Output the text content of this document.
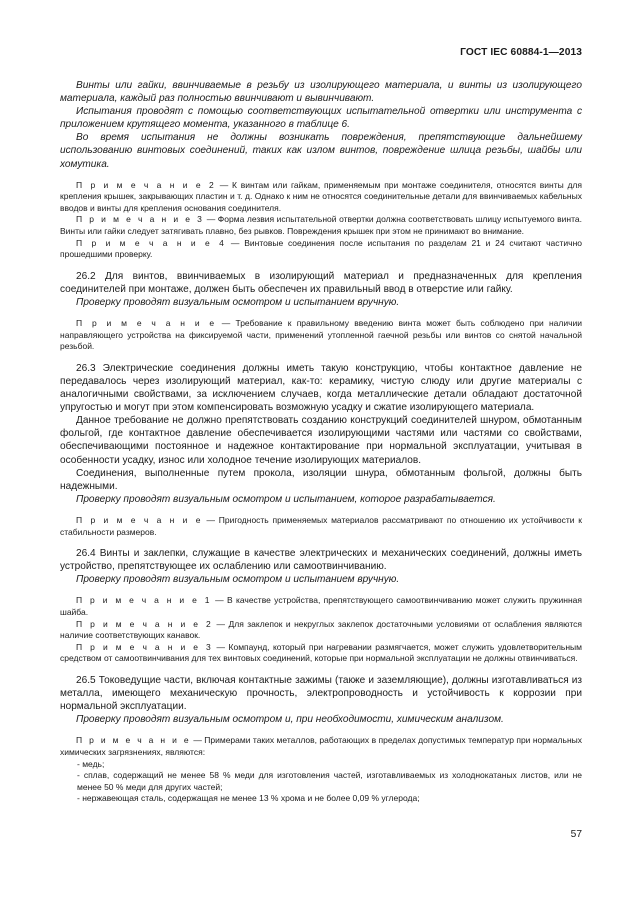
ГОСТ IEC 60884-1—2013

Винты или гайки, ввинчиваемые в резьбу из изолирующего материала, и винты из изолирующего материала, каждый раз полностью ввинчивают и вывинчивают.

Испытания проводят с помощью соответствующих испытательной отвертки или инструмента с приложением крутящего момента, указанного в таблице 6.

Во время испытания не должны возникать повреждения, препятствующие дальнейшему использованию винтовых соединений, таких как излом винтов, повреждение шлица резьбы, шайбы или хомутика.

П р и м е ч а н и е 2 — К винтам или гайкам, применяемым при монтаже соединителя, относятся винты для крепления крышек, закрывающих пластин и т. д. Однако к ним не относятся соединительные детали для ввинчиваемых кабельных вводов и винты для крепления основания соединителя.

П р и м е ч а н и е 3 — Форма лезвия испытательной отвертки должна соответствовать шлицу испытуемого винта. Винты или гайки следует затягивать плавно, без рывков. Повреждения крышек при этом не принимают во внимание.

П р и м е ч а н и е 4 — Винтовые соединения после испытания по разделам 21 и 24 считают частично прошедшими проверку.

26.2 Для винтов, ввинчиваемых в изолирующий материал и предназначенных для крепления соединителей при монтаже, должен быть обеспечен их правильный ввод в отверстие или гайку.

Проверку проводят визуальным осмотром и испытанием вручную.

П р и м е ч а н и е — Требование к правильному введению винта может быть соблюдено при наличии направляющего устройства на фиксируемой части, применений утопленной гаечной резьбы или винтов со снятой начальной резьбой.

26.3 Электрические соединения должны иметь такую конструкцию, чтобы контактное давление не передавалось через изолирующий материал, как-то: керамику, чистую слюду или другие материалы с аналогичными свойствами, за исключением случаев, когда металлические детали обладают достаточной упругостью и могут при этом компенсировать возможную усадку и сжатие изолирующего материала.

Данное требование не должно препятствовать созданию конструкций соединителей шнуром, обмотанным фольгой, где контактное давление обеспечивается изолирующими частями или частями со свойствами, обеспечивающими постоянное и надежное контактирование при нормальной эксплуатации, учитывая в особенности усадку, износ или холодное течение изолирующих материалов.

Соединения, выполненные путем прокола, изоляции шнура, обмотанным фольгой, должны быть надежными.

Проверку проводят визуальным осмотром и испытанием, которое разрабатывается.

П р и м е ч а н и е — Пригодность применяемых материалов рассматривают по отношению их устойчивости к стабильности размеров.

26.4 Винты и заклепки, служащие в качестве электрических и механических соединений, должны иметь устройство, препятствующее их ослаблению или самоотвинчиванию.

Проверку проводят визуальным осмотром и испытанием вручную.

П р и м е ч а н и е 1 — В качестве устройства, препятствующего самоотвинчиванию может служить пружинная шайба.

П р и м е ч а н и е 2 — Для заклепок и некруглых заклепок достаточными условиями от ослабления являются наличие соответствующих канавок.

П р и м е ч а н и е 3 — Компаунд, который при нагревании размягчается, может служить удовлетворительным средством от самоотвинчивания для тех винтовых соединений, которые при нормальной эксплуатации не должны отвинчиваться.

26.5 Токоведущие части, включая контактные зажимы (также и заземляющие), должны изготавливаться из металла, имеющего механическую прочность, электропроводность и устойчивость к коррозии при нормальной эксплуатации.

Проверку проводят визуальным осмотром и, при необходимости, химическим анализом.

П р и м е ч а н и е — Примерами таких металлов, работающих в пределах допустимых температур при нормальных химических загрязнениях, являются:

- медь;

- сплав, содержащий не менее 58 % меди для изготовления частей, изготавливаемых из холоднокатаных листов, или не менее 50 % меди для других частей;

- нержавеющая сталь, содержащая не менее 13 % хрома и не более 0,09 % углерода;

57
